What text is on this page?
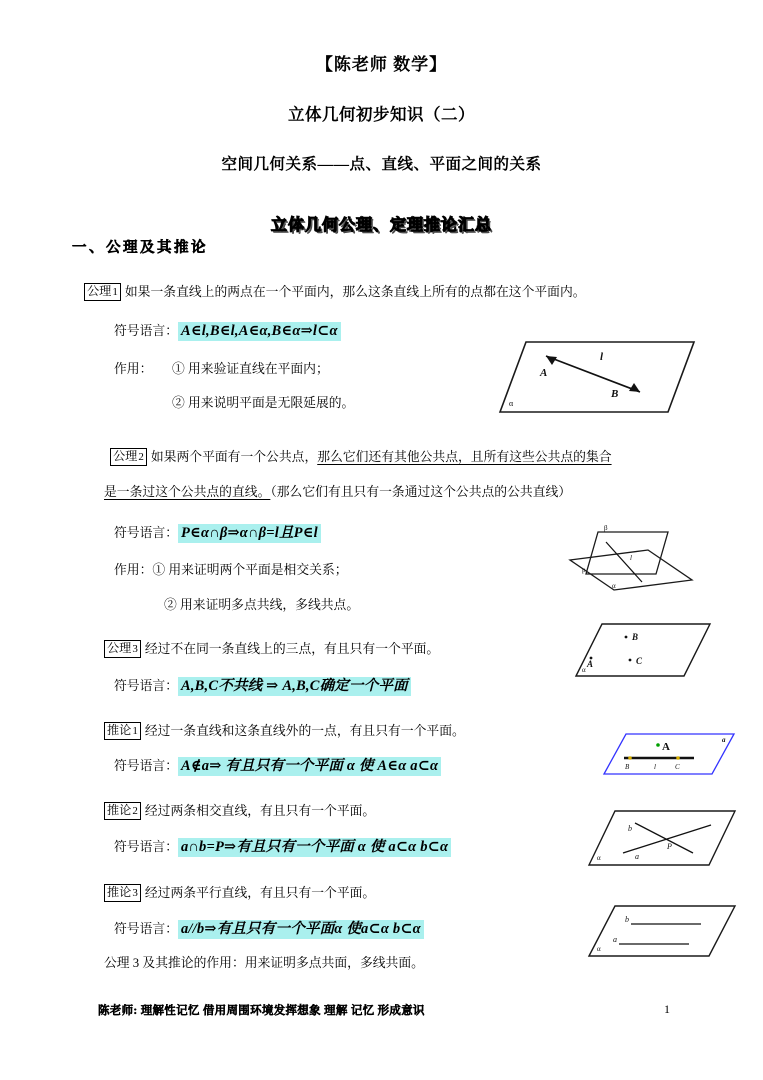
【陈老师 数学】
立体几何初步知识（二）
空间几何关系——点、直线、平面之间的关系
立体几何公理、定理推论汇总
一、公理及其推论
公理1 如果一条直线上的两点在一个平面内，那么这条直线上所有的点都在这个平面内。
符号语言： A∈l,B∈l,A∈α,B∈α⇒l⊂α
作用： ① 用来验证直线在平面内；
② 用来说明平面是无限延展的。
A
l
B
α
公理2 如果两个平面有一个公共点，那么它们还有其他公共点，且所有这些公共点的集合
是一条过这个公共点的直线。（那么它们有且只有一条通过这个公共点的公共直线）
符号语言： P∈α∩β⇒α∩β=l且P∈l
作用：① 用来证明两个平面是相交关系；
② 用来证明多点共线，多线共点。
β
l
p
α
公理3 经过不在同一条直线上的三点，有且只有一个平面。
符号语言： A,B,C不共线 ⇒ A,B,C确定一个平面
B
A	C
α
推论1 经过一条直线和这条直线外的一点，有且只有一个平面。
符号语言： A∉a⇒ 有且只有一个平面 α 使 A∈α a⊂α
A
B	l	C
a
推论2 经过两条相交直线，有且只有一个平面。
符号语言： a∩b=P⇒有且只有一个平面 α 使 a⊂α b⊂α
b
a
P
α
推论3 经过两条平行直线，有且只有一个平面。
符号语言： a//b⇒有且只有一个平面α 使a⊂α b⊂α
b
a
α
公理 3 及其推论的作用：用来证明多点共面，多线共面。
陈老师: 理解性记忆 借用周围环境发挥想象 理解 记忆 形成意识	1
